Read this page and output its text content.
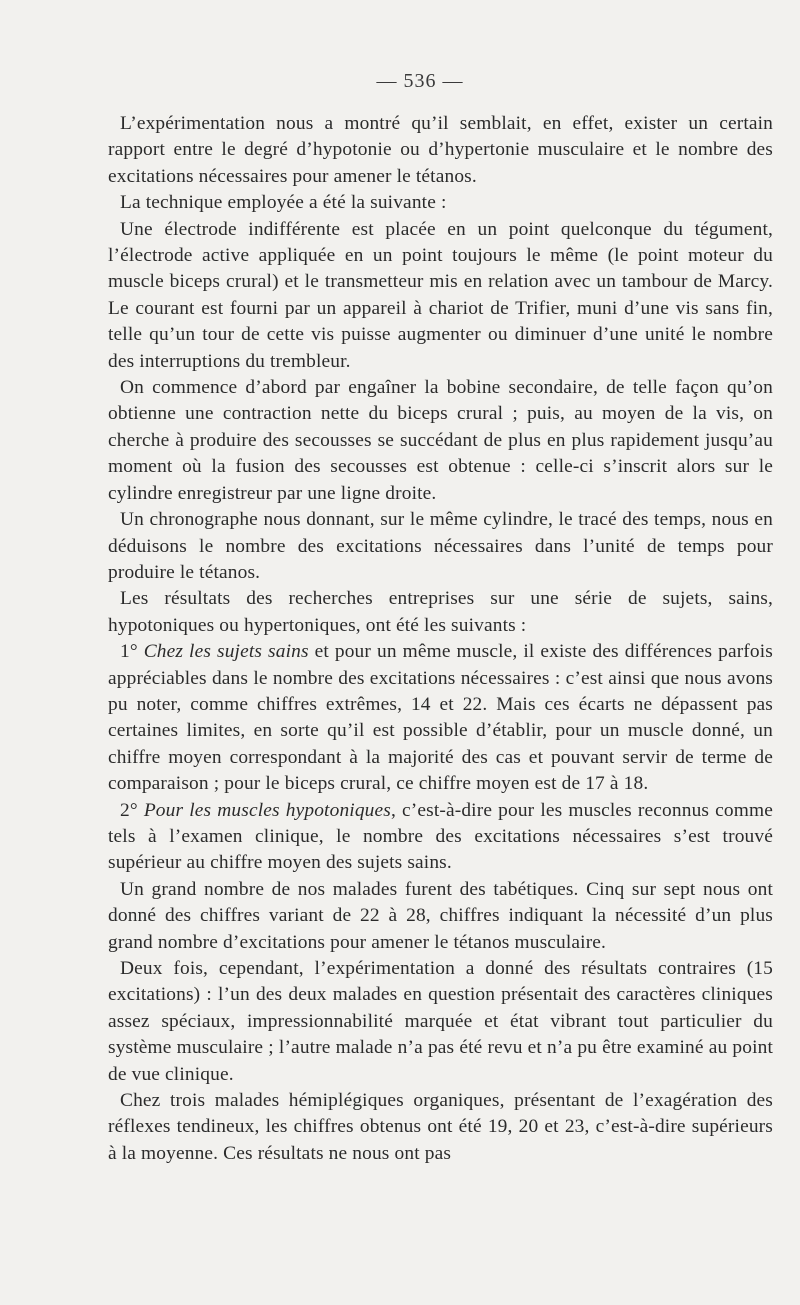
— 536 —

L’expérimentation nous a montré qu’il semblait, en effet, exister un certain rapport entre le degré d’hypotonie ou d’hypertonie musculaire et le nombre des excitations nécessaires pour amener le tétanos.

La technique employée a été la suivante :

Une électrode indifférente est placée en un point quelconque du tégument, l’électrode active appliquée en un point toujours le même (le point moteur du muscle biceps crural) et le transmetteur mis en relation avec un tambour de Marcy. Le courant est fourni par un appareil à chariot de Trifier, muni d’une vis sans fin, telle qu’un tour de cette vis puisse augmenter ou diminuer d’une unité le nombre des interruptions du trembleur.

On commence d’abord par engaîner la bobine secondaire, de telle façon qu’on obtienne une contraction nette du biceps crural ; puis, au moyen de la vis, on cherche à produire des secousses se succédant de plus en plus rapidement jusqu’au moment où la fusion des secousses est obtenue : celle-ci s’inscrit alors sur le cylindre enregistreur par une ligne droite.

Un chronographe nous donnant, sur le même cylindre, le tracé des temps, nous en déduisons le nombre des excitations nécessaires dans l’unité de temps pour produire le tétanos.

Les résultats des recherches entreprises sur une série de sujets, sains, hypotoniques ou hypertoniques, ont été les suivants :

1° Chez les sujets sains et pour un même muscle, il existe des différences parfois appréciables dans le nombre des excitations nécessaires : c’est ainsi que nous avons pu noter, comme chiffres extrêmes, 14 et 22. Mais ces écarts ne dépassent pas certaines limites, en sorte qu’il est possible d’établir, pour un muscle donné, un chiffre moyen correspondant à la majorité des cas et pouvant servir de terme de comparaison ; pour le biceps crural, ce chiffre moyen est de 17 à 18.

2° Pour les muscles hypotoniques, c’est-à-dire pour les muscles reconnus comme tels à l’examen clinique, le nombre des excitations nécessaires s’est trouvé supérieur au chiffre moyen des sujets sains.

Un grand nombre de nos malades furent des tabétiques. Cinq sur sept nous ont donné des chiffres variant de 22 à 28, chiffres indiquant la nécessité d’un plus grand nombre d’excitations pour amener le tétanos musculaire.

Deux fois, cependant, l’expérimentation a donné des résultats contraires (15 excitations) : l’un des deux malades en question présentait des caractères cliniques assez spéciaux, impressionnabilité marquée et état vibrant tout particulier du système musculaire ; l’autre malade n’a pas été revu et n’a pu être examiné au point de vue clinique.

Chez trois malades hémiplégiques organiques, présentant de l’exagération des réflexes tendineux, les chiffres obtenus ont été 19, 20 et 23, c’est-à-dire supérieurs à la moyenne. Ces résultats ne nous ont pas
